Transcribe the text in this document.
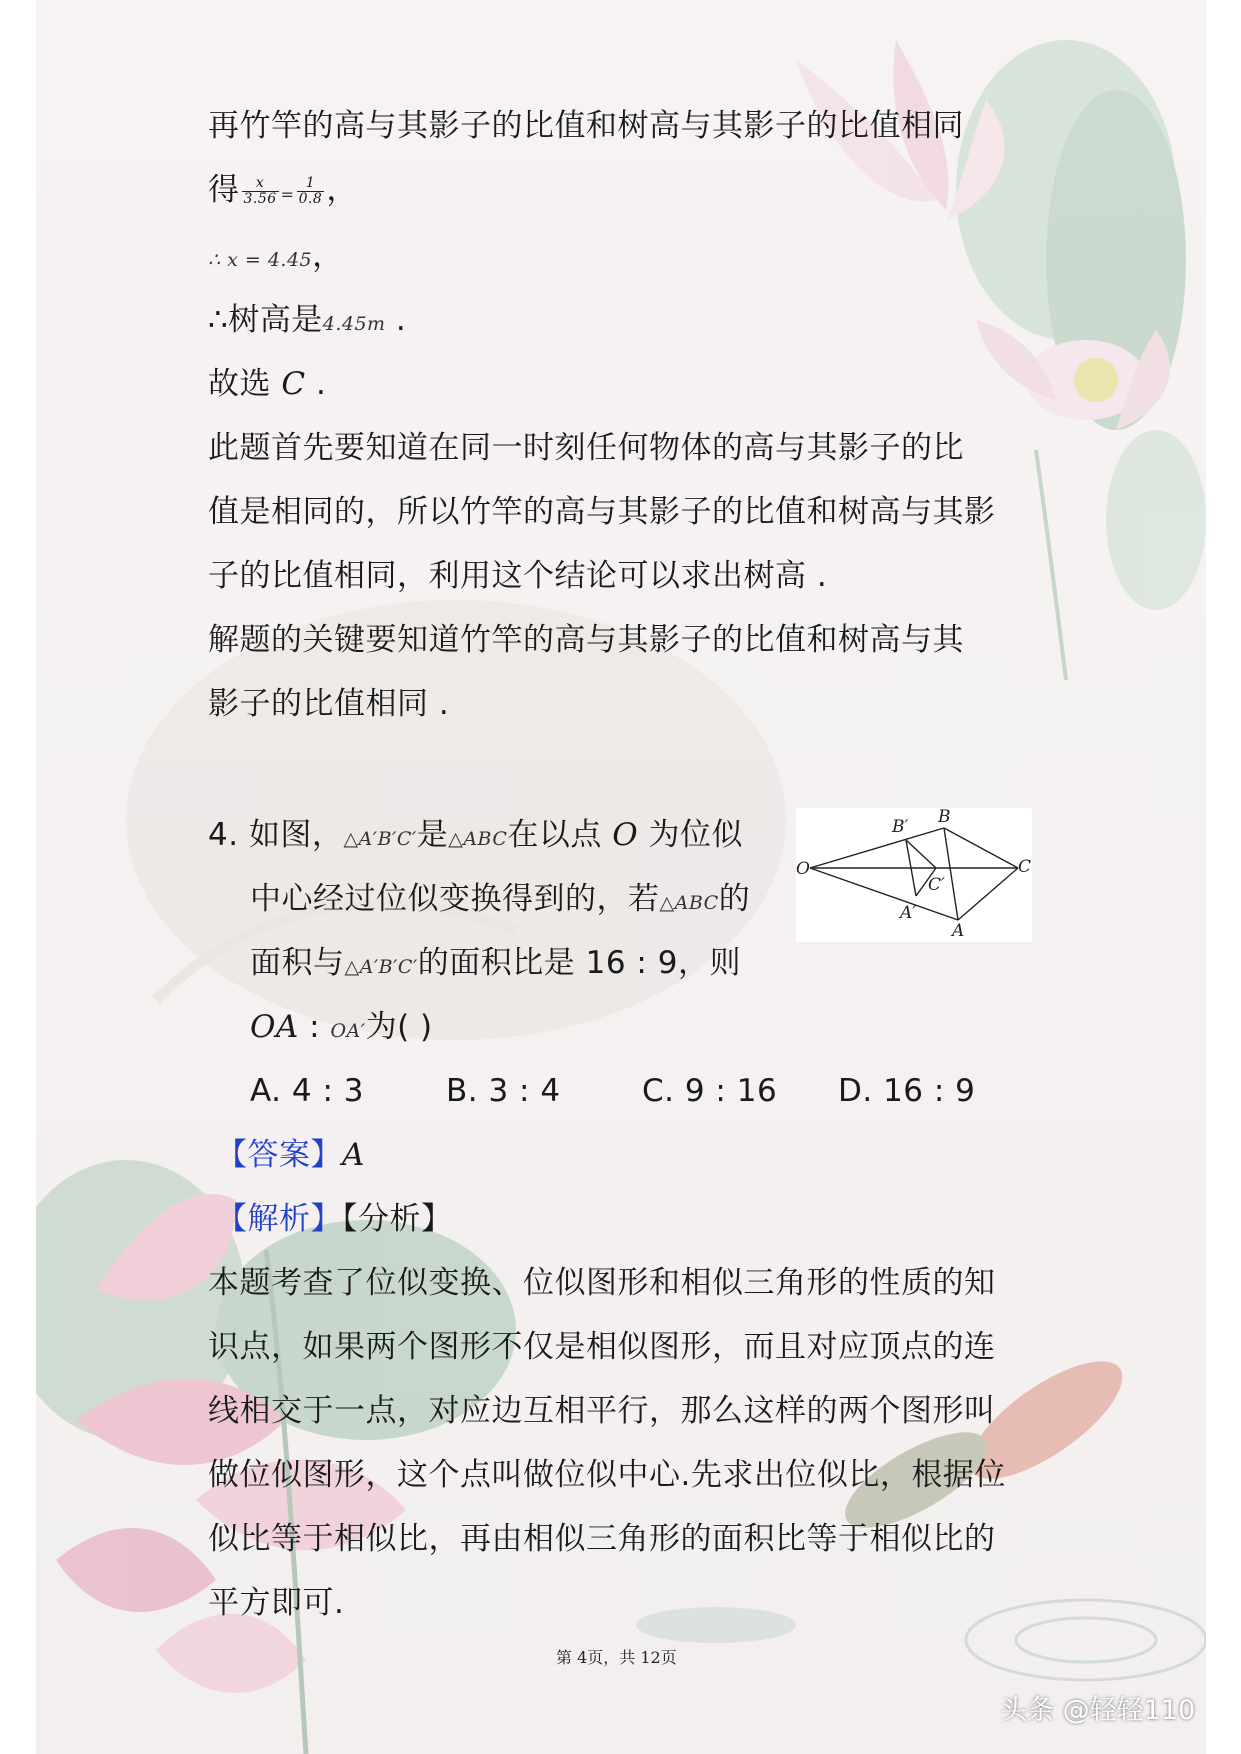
再竹竿的高与其影子的比值和树高与其影子的比值相同
得 $\frac{x}{3.56} = \frac{1}{0.8}$ ，
∴ x = 4.45，
∴树高是4.45m .
故选 C .
此题首先要知道在同一时刻任何物体的高与其影子的比
值是相同的，所以竹竿的高与其影子的比值和树高与其影
子的比值相同，利用这个结论可以求出树高 .
解题的关键要知道竹竿的高与其影子的比值和树高与其
影子的比值相同 .
4. 如图，△A′B′C′是△ABC在以点 O 为位似
中心经过位似变换得到的，若△ABC的
面积与△A′B′C′的面积比是 16 : 9，则
OA : OA′为( )
A. 4 : 3	B. 3 : 4	C. 9 : 16 D. 16 : 9
O
B′ B
C
C′
A′
A
【答案】A
【解析】【分析】
本题考查了位似变换、位似图形和相似三角形的性质的知
识点，如果两个图形不仅是相似图形，而且对应顶点的连
线相交于一点，对应边互相平行，那么这样的两个图形叫
做位似图形，这个点叫做位似中心.先求出位似比，根据位
似比等于相似比，再由相似三角形的面积比等于相似比的
平方即可.
第 4页，共 12页
头条 @轻轻110
